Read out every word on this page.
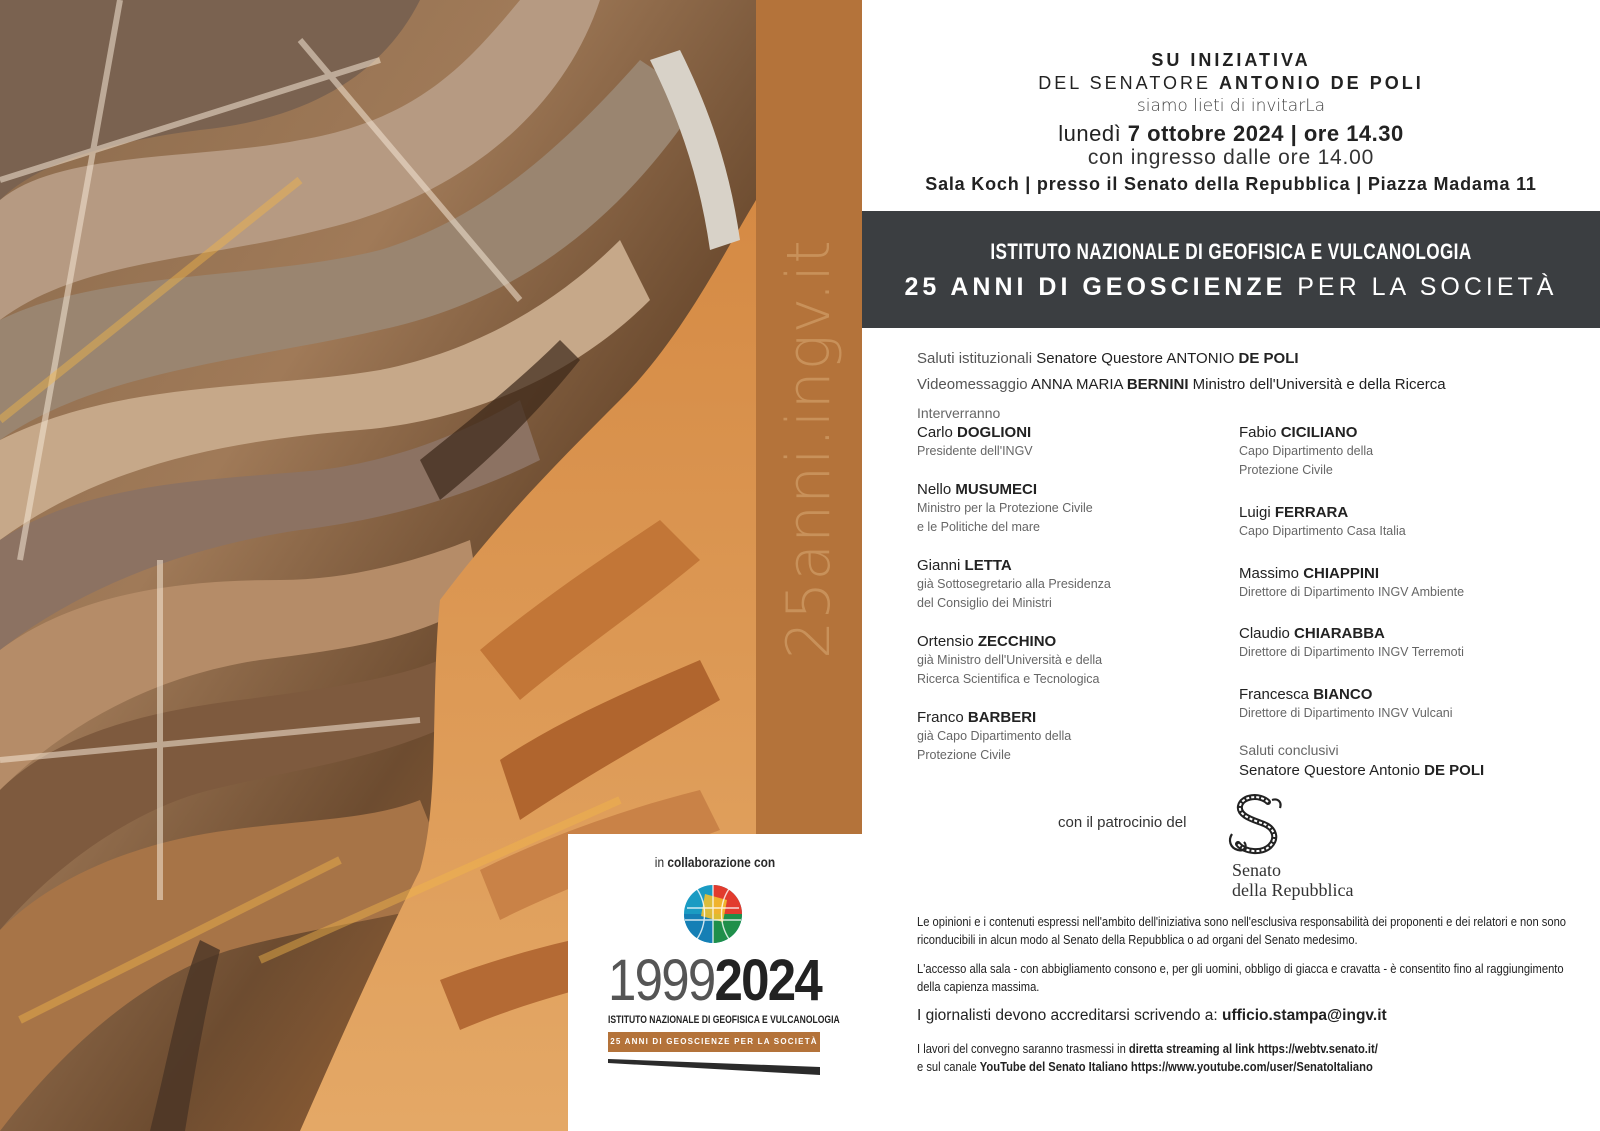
25anni.ingv.it
in collaborazione con
19992024
ISTITUTO NAZIONALE DI GEOFISICA E VULCANOLOGIA
25 ANNI DI GEOSCIENZE PER LA SOCIETÀ
SU INIZIATIVA
DEL SENATORE ANTONIO DE POLI
siamo lieti di invitarLa
lunedì 7 ottobre 2024 | ore 14.30
con ingresso dalle ore 14.00
Sala Koch | presso il Senato della Repubblica | Piazza Madama 11
ISTITUTO NAZIONALE DI GEOFISICA E VULCANOLOGIA
25 ANNI DI GEOSCIENZE PER LA SOCIETÀ
Saluti istituzionali Senatore Questore ANTONIO DE POLI
Videomessaggio ANNA MARIA BERNINI Ministro dell'Università e della Ricerca
Interverranno
Carlo DOGLIONI
Presidente dell'INGV
Nello MUSUMECI
Ministro per la Protezione Civile
e le Politiche del mare
Gianni LETTA
già Sottosegretario alla Presidenza
del Consiglio dei Ministri
Ortensio ZECCHINO
già Ministro dell'Università e della
Ricerca Scientifica e Tecnologica
Franco BARBERI
già Capo Dipartimento della
Protezione Civile
Fabio CICILIANO
Capo Dipartimento della
Protezione Civile
Luigi FERRARA
Capo Dipartimento Casa Italia
Massimo CHIAPPINI
Direttore di Dipartimento INGV Ambiente
Claudio CHIARABBA
Direttore di Dipartimento INGV Terremoti
Francesca BIANCO
Direttore di Dipartimento INGV Vulcani
Saluti conclusivi
Senatore Questore Antonio DE POLI
con il patrocinio del
Senato
della Repubblica
Le opinioni e i contenuti espressi nell'ambito dell'iniziativa sono nell'esclusiva responsabilità dei proponenti e dei relatori e non sono riconducibili in alcun modo al Senato della Repubblica o ad organi del Senato medesimo.
L'accesso alla sala - con abbigliamento consono e, per gli uomini, obbligo di giacca e cravatta - è consentito fino al raggiungimento della capienza massima.
I giornalisti devono accreditarsi scrivendo a: ufficio.stampa@ingv.it
I lavori del convegno saranno trasmessi in diretta streaming al link https://webtv.senato.it/
e sul canale YouTube del Senato Italiano https://www.youtube.com/user/SenatoItaliano
